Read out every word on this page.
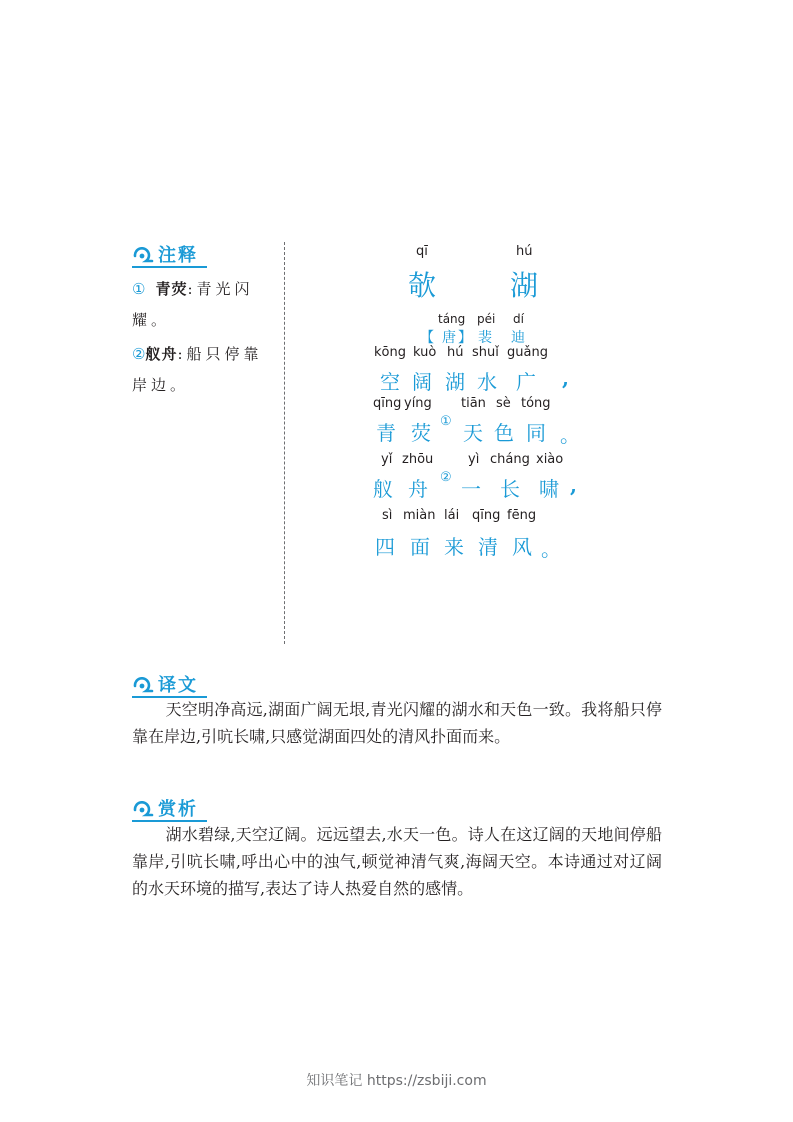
注释
① 青荧:青光闪耀。
②舣舟:船只停靠岸边。
qī	hú
欹	湖
táng péi dí
【 唐 】 裴 迪
kōng kuò hú shuǐ guǎng
空 阔 湖 水 广 ,
qīng yíng tiān sè tóng
青 荧 ① 天 色 同 。
yǐ zhōu	yì cháng xiào
舣 舟 ② 一 长 啸 ,
sì miàn lái qīng fēng
四 面 来 清 风 。
译文
天空明净高远,湖面广阔无垠,青光闪耀的湖水和天色一致。我将船只停靠在岸边,引吭长啸,只感觉湖面四处的清风扑面而来。
赏析
湖水碧绿,天空辽阔。远远望去,水天一色。诗人在这辽阔的天地间停船靠岸,引吭长啸,呼出心中的浊气,顿觉神清气爽,海阔天空。本诗通过对辽阔的水天环境的描写,表达了诗人热爱自然的感情。
知识笔记 https://zsbiji.com
